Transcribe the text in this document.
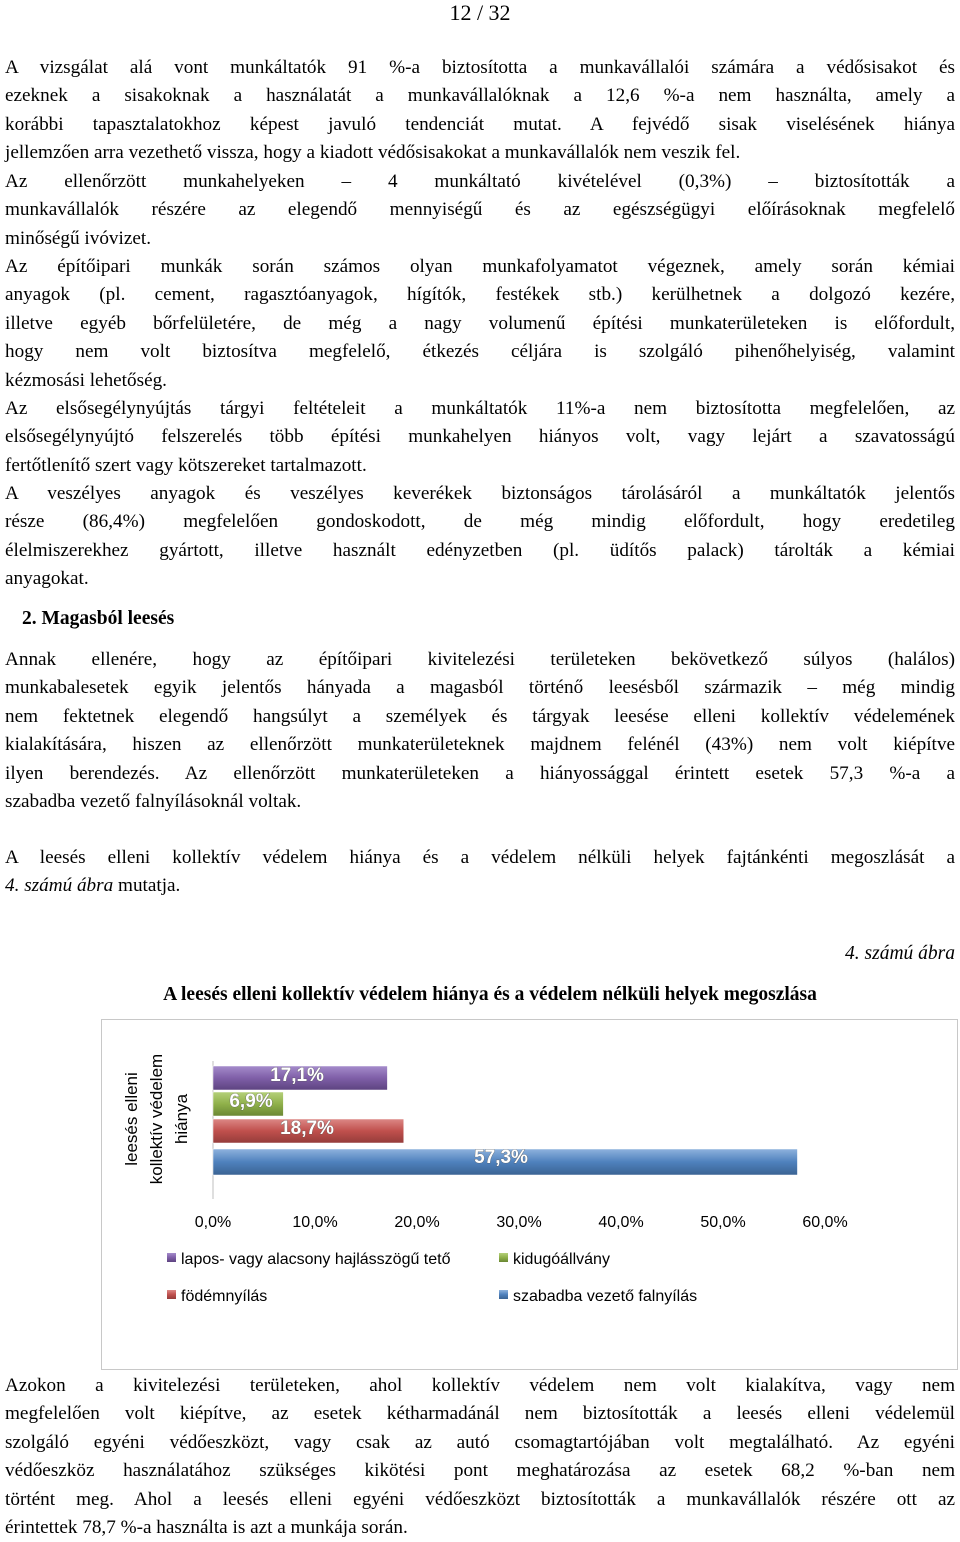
12 / 32
A vizsgálat alá vont munkáltatók 91 %-a biztosította a munkavállalói számára a védősisakot és
ezeknek a sisakoknak a használatát a munkavállalóknak a 12,6 %-a nem használta, amely a
korábbi tapasztalatokhoz képest javuló tendenciát mutat. A fejvédő sisak viselésének hiánya
jellemzően arra vezethető vissza, hogy a kiadott védősisakokat a munkavállalók nem veszik fel.
Az ellenőrzött munkahelyeken – 4 munkáltató kivételével (0,3%) – biztosították a
munkavállalók részére az elegendő mennyiségű és az egészségügyi előírásoknak megfelelő
minőségű ivóvizet.
Az építőipari munkák során számos olyan munkafolyamatot végeznek, amely során kémiai
anyagok (pl. cement, ragasztóanyagok, hígítók, festékek stb.) kerülhetnek a dolgozó kezére,
illetve egyéb bőrfelületére, de még a nagy volumenű építési munkaterületeken is előfordult,
hogy nem volt biztosítva megfelelő, étkezés céljára is szolgáló pihenőhelyiség, valamint
kézmosási lehetőség.
Az elsősegélynyújtás tárgyi feltételeit a munkáltatók 11%-a nem biztosította megfelelően, az
elsősegélynyújtó felszerelés több építési munkahelyen hiányos volt, vagy lejárt a szavatosságú
fertőtlenítő szert vagy kötszereket tartalmazott.
A veszélyes anyagok és veszélyes keverékek biztonságos tárolásáról a munkáltatók jelentős
része (86,4%) megfelelően gondoskodott, de még mindig előfordult, hogy eredetileg
élelmiszerekhez gyártott, illetve használt edényzetben (pl. üdítős palack) tárolták a kémiai
anyagokat.
2. Magasból leesés
Annak ellenére, hogy az építőipari kivitelezési területeken bekövetkező súlyos (halálos)
munkabalesetek egyik jelentős hányada a magasból történő leesésből származik – még mindig
nem fektetnek elegendő hangsúlyt a személyek és tárgyak leesése elleni kollektív védelemének
kialakítására, hiszen az ellenőrzött munkaterületeknek majdnem felénél (43%) nem volt kiépítve
ilyen berendezés. Az ellenőrzött munkaterületeken a hiányossággal érintett esetek 57,3 %-a a
szabadba vezető falnyílásoknál voltak.
A leesés elleni kollektív védelem hiánya és a védelem nélküli helyek fajtánkénti megoszlását a
4. számú ábra mutatja.
4. számú ábra
A leesés elleni kollektív védelem hiánya és a védelem nélküli helyek megoszlása
leesés elleni kollektív védelem hiánya
17,1%
6,9%
18,7%
57,3%
0,0%	10,0%	20,0%	30,0%	40,0%	50,0%	60,0%
lapos- vagy alacsony hajlásszögű tető	kidugóállvány
födémnyílás	szabadba vezető falnyílás
Azokon a kivitelezési területeken, ahol kollektív védelem nem volt kialakítva, vagy nem
megfelelően volt kiépítve, az esetek kétharmadánál nem biztosították a leesés elleni védelemül
szolgáló egyéni védőeszközt, vagy csak az autó csomagtartójában volt megtalálható. Az egyéni
védőeszköz használatához szükséges kikötési pont meghatározása az esetek 68,2 %-ban nem
történt meg. Ahol a leesés elleni egyéni védőeszközt biztosították a munkavállalók részére ott az
érintettek 78,7 %-a használta is azt a munkája során.
